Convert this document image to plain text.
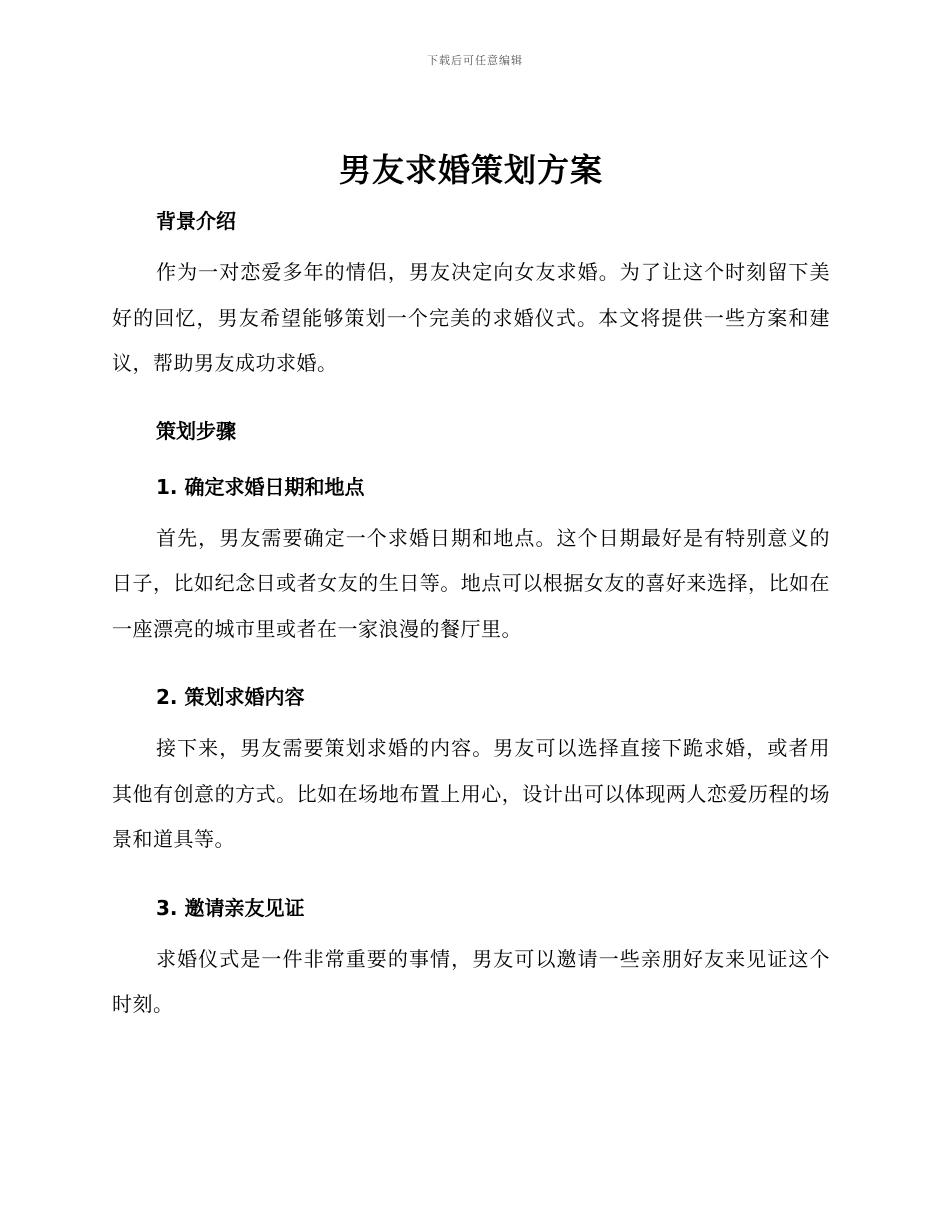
下载后可任意编辑
男友求婚策划方案
背景介绍

作为一对恋爱多年的情侣，男友决定向女友求婚。为了让这个时刻留下美好的回忆，男友希望能够策划一个完美的求婚仪式。本文将提供一些方案和建议，帮助男友成功求婚。

策划步骤
1. 确定求婚日期和地点

首先，男友需要确定一个求婚日期和地点。这个日期最好是有特别意义的日子，比如纪念日或者女友的生日等。地点可以根据女友的喜好来选择，比如在一座漂亮的城市里或者在一家浪漫的餐厅里。

2. 策划求婚内容

接下来，男友需要策划求婚的内容。男友可以选择直接下跪求婚，或者用其他有创意的方式。比如在场地布置上用心，设计出可以体现两人恋爱历程的场景和道具等。

3. 邀请亲友见证

求婚仪式是一件非常重要的事情，男友可以邀请一些亲朋好友来见证这个时刻。
